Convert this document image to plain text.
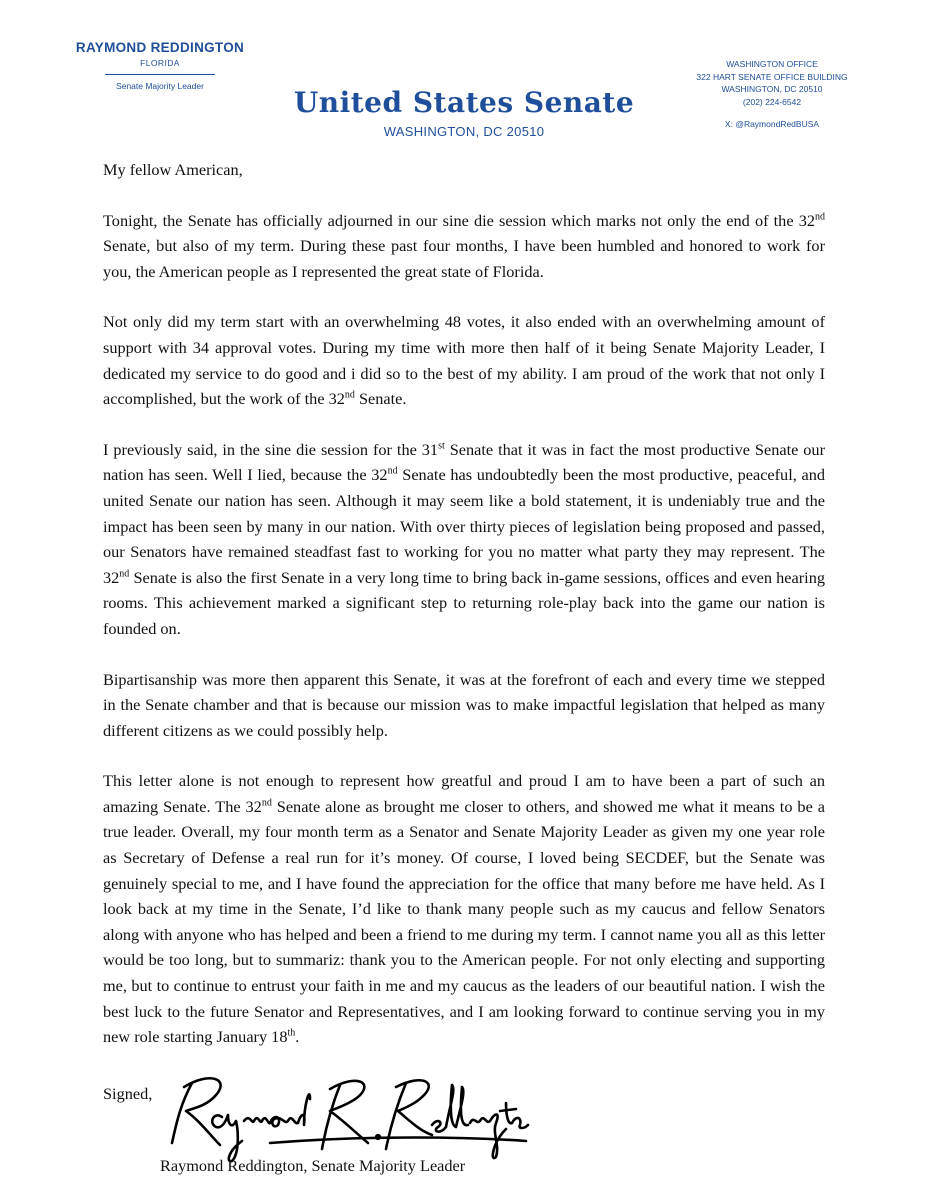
RAYMOND REDDINGTON
FLORIDA
Senate Majority Leader	United States Senate
WASHINGTON, DC 20510
WASHINGTON OFFICE
322 HART SENATE OFFICE BUILDING
WASHINGTON, DC 20510
(202) 224-6542
X: @RaymondRedBUSA

My fellow American,

Tonight, the Senate has officially adjourned in our sine die session which marks not only the end of the 32nd Senate, but also of my term. During these past four months, I have been humbled and honored to work for you, the American people as I represented the great state of Florida.

Not only did my term start with an overwhelming 48 votes, it also ended with an overwhelming amount of support with 34 approval votes. During my time with more then half of it being Senate Majority Leader, I dedicated my service to do good and i did so to the best of my ability. I am proud of the work that not only I accomplished, but the work of the 32nd Senate.

I previously said, in the sine die session for the 31st Senate that it was in fact the most productive Senate our nation has seen. Well I lied, because the 32nd Senate has undoubtedly been the most productive, peaceful, and united Senate our nation has seen. Although it may seem like a bold statement, it is undeniably true and the impact has been seen by many in our nation. With over thirty pieces of legislation being proposed and passed, our Senators have remained steadfast fast to working for you no matter what party they may represent. The 32nd Senate is also the first Senate in a very long time to bring back in-game sessions, offices and even hearing rooms. This achievement marked a significant step to returning role-play back into the game our nation is founded on.

Bipartisanship was more then apparent this Senate, it was at the forefront of each and every time we stepped in the Senate chamber and that is because our mission was to make impactful legislation that helped as many different citizens as we could possibly help.

This letter alone is not enough to represent how greatful and proud I am to have been a part of such an amazing Senate. The 32nd Senate alone as brought me closer to others, and showed me what it means to be a true leader. Overall, my four month term as a Senator and Senate Majority Leader as given my one year role as Secretary of Defense a real run for it’s money. Of course, I loved being SECDEF, but the Senate was genuinely special to me, and I have found the appreciation for the office that many before me have held. As I look back at my time in the Senate, I’d like to thank many people such as my caucus and fellow Senators along with anyone who has helped and been a friend to me during my term. I cannot name you all as this letter would be too long, but to summariz: thank you to the American people. For not only electing and supporting me, but to continue to entrust your faith in me and my caucus as the leaders of our beautiful nation. I wish the best luck to the future Senator and Representatives, and I am looking forward to continue serving you in my new role starting January 18th.

Signed,
Raymond Reddington, Senate Majority Leader
